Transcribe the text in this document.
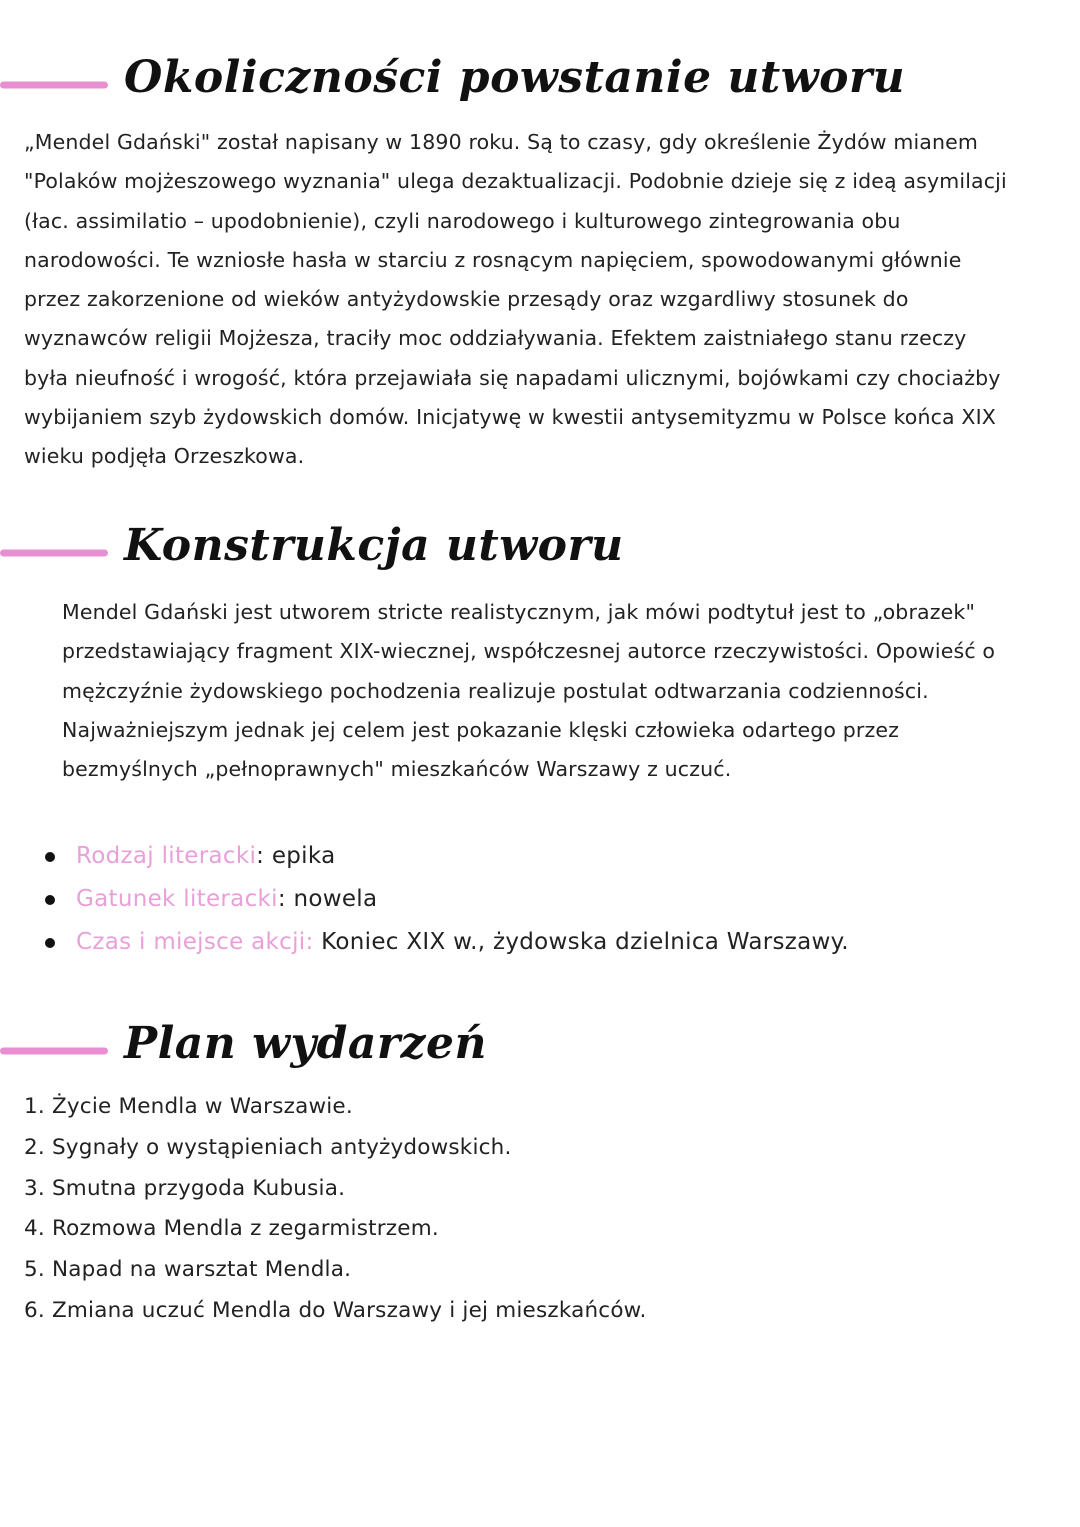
Okoliczności powstanie utworu
„Mendel Gdański" został napisany w 1890 roku. Są to czasy, gdy określenie Żydów mianem
"Polaków mojżeszowego wyznania" ulega dezaktualizacji. Podobnie dzieje się z ideą asymilacji
(łac. assimilatio – upodobnienie), czyli narodowego i kulturowego zintegrowania obu
narodowości. Te wzniosłe hasła w starciu z rosnącym napięciem, spowodowanymi głównie
przez zakorzenione od wieków antyżydowskie przesądy oraz wzgardliwy stosunek do
wyznawców religii Mojżesza, traciły moc oddziaływania. Efektem zaistniałego stanu rzeczy
była nieufność i wrogość, która przejawiała się napadami ulicznymi, bojówkami czy chociażby
wybijaniem szyb żydowskich domów. Inicjatywę w kwestii antysemityzmu w Polsce końca XIX
wieku podjęła Orzeszkowa.
Konstrukcja utworu
Mendel Gdański jest utworem stricte realistycznym, jak mówi podtytuł jest to „obrazek"
przedstawiający fragment XIX-wiecznej, współczesnej autorce rzeczywistości. Opowieść o
mężczyźnie żydowskiego pochodzenia realizuje postulat odtwarzania codzienności.
Najważniejszym jednak jej celem jest pokazanie klęski człowieka odartego przez
bezmyślnych „pełnoprawnych" mieszkańców Warszawy z uczuć.
Rodzaj literacki: epika
Gatunek literacki: nowela
Czas i miejsce akcji: Koniec XIX w., żydowska dzielnica Warszawy.
Plan wydarzeń
1. Życie Mendla w Warszawie.
2. Sygnały o wystąpieniach antyżydowskich.
3. Smutna przygoda Kubusia.
4. Rozmowa Mendla z zegarmistrzem.
5. Napad na warsztat Mendla.
6. Zmiana uczuć Mendla do Warszawy i jej mieszkańców.
